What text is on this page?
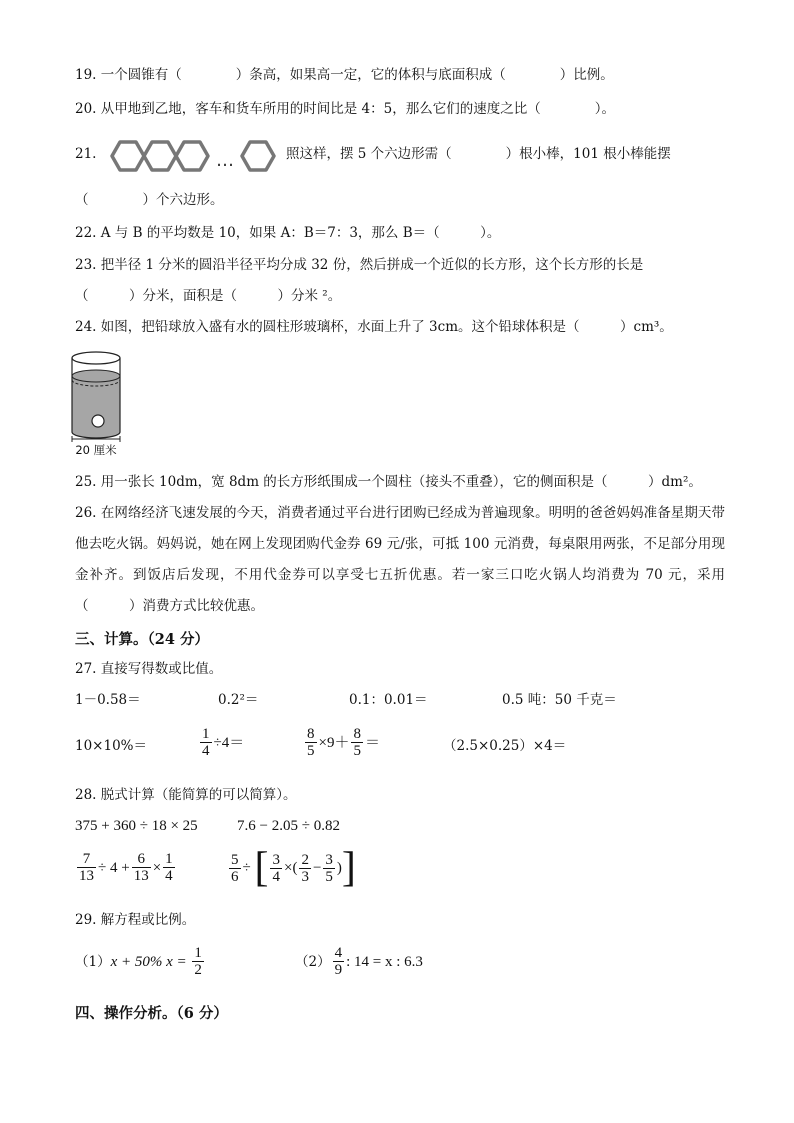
19. 一个圆锥有（　　　　）条高，如果高一定，它的体积与底面积成（　　　　）比例。
20. 从甲地到乙地，客车和货车所用的时间比是 4：5，那么它们的速度之比（　　　　）。
21.	…	照这样，摆 5 个六边形需（　　　　）根小棒，101 根小棒能摆
（　　　　）个六边形。
22. A 与 B 的平均数是 10，如果 A：B＝7：3，那么 B＝（　　　）。
23. 把半径 1 分米的圆沿半径平均分成 32 份，然后拼成一个近似的长方形，这个长方形的长是
（　　　）分米，面积是（　　　）分米 ²。
24. 如图，把铅球放入盛有水的圆柱形玻璃杯，水面上升了 3cm。这个铅球体积是（　　　）cm³。
20 厘米
25. 用一张长 10dm，宽 8dm 的长方形纸围成一个圆柱（接头不重叠），它的侧面积是（　　　）dm²。
26. 在网络经济飞速发展的今天，消费者通过平台进行团购已经成为普遍现象。明明的爸爸妈妈准备星期天带他去吃火锅。妈妈说，她在网上发现团购代金券 69 元/张，可抵 100 元消费，每桌限用两张，不足部分用现金补齐。到饭店后发现，不用代金券可以享受七五折优惠。若一家三口吃火锅人均消费为 70 元，采用（　　　）消费方式比较优惠。
三、计算。（24 分）
27. 直接写得数或比值。
1－0.58＝	0.2²＝	0.1：0.01＝	0.5 吨：50 千克＝
10×10%＝	$\frac{1}{4} \div 4=$	$\frac{8}{5} \times 9+ \frac{8}{5}$ ＝	（2.5×0.25）×4＝
28. 脱式计算（能简算的可以简算）。
375 + 360 ÷ 18 × 25	7.6 − 2.05 ÷ 0.82
$\frac{7}{13} \div 4 + \frac{6}{13} \times \frac{1}{4}$	$\frac{5}{6}$ ÷ [ $\frac{3}{4}$ ×( $\frac{2}{3} - \frac{3}{5}$ )]
29. 解方程或比例。
（1）x + 50% $x = \frac{1}{2}$	$(2) \frac{4}{9}$ : 14 = x : 6.3
四、操作分析。（6 分）
